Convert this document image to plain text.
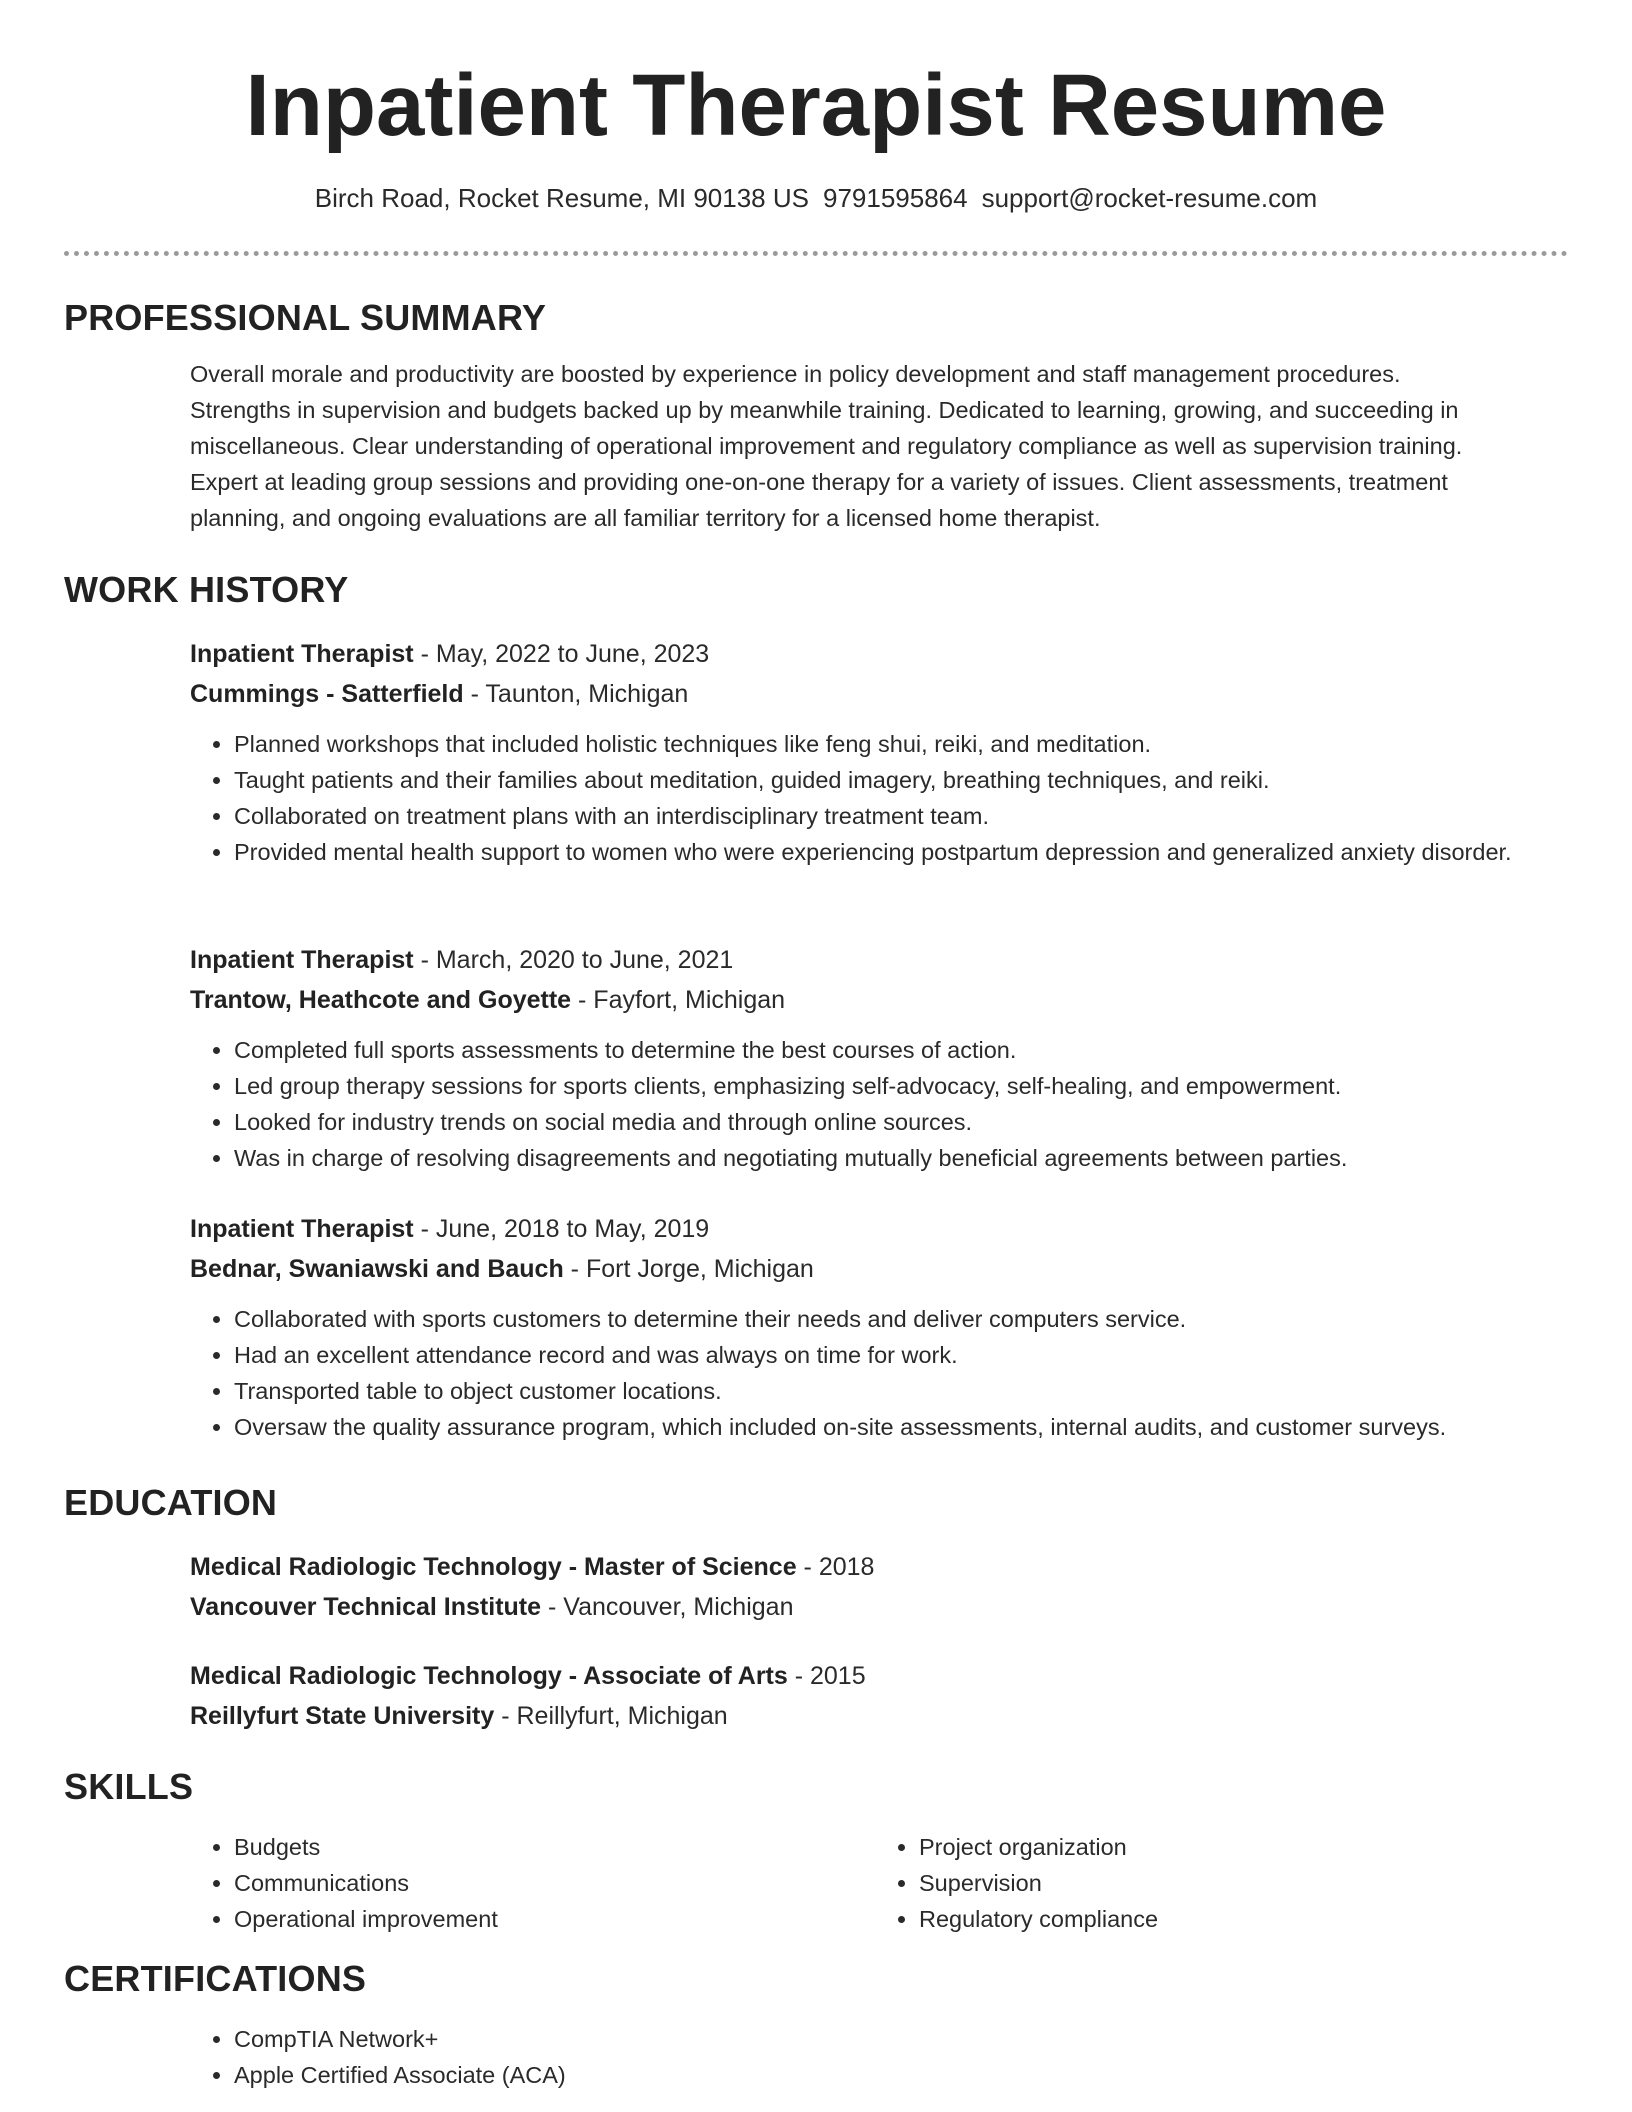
Inpatient Therapist Resume
Birch Road, Rocket Resume, MI 90138 US 9791595864 support@rocket-resume.com
PROFESSIONAL SUMMARY

Overall morale and productivity are boosted by experience in policy development and staff management procedures.

Strengths in supervision and budgets backed up by meanwhile training. Dedicated to learning, growing, and succeeding in

miscellaneous. Clear understanding of operational improvement and regulatory compliance as well as supervision training.

Expert at leading group sessions and providing one-on-one therapy for a variety of issues. Client assessments, treatment

planning, and ongoing evaluations are all familiar territory for a licensed home therapist.

WORK HISTORY

Inpatient Therapist - May, 2022 to June, 2023

Cummings - Satterfield - Taunton, Michigan

• Planned workshops that included holistic techniques like feng shui, reiki, and meditation.
• Taught patients and their families about meditation, guided imagery, breathing techniques, and reiki.
• Collaborated on treatment plans with an interdisciplinary treatment team.
• Provided mental health support to women who were experiencing postpartum depression and generalized anxiety disorder.

Inpatient Therapist - March, 2020 to June, 2021

Trantow, Heathcote and Goyette - Fayfort, Michigan

• Completed full sports assessments to determine the best courses of action.
• Led group therapy sessions for sports clients, emphasizing self-advocacy, self-healing, and empowerment.
• Looked for industry trends on social media and through online sources.
• Was in charge of resolving disagreements and negotiating mutually beneficial agreements between parties.

Inpatient Therapist - June, 2018 to May, 2019

Bednar, Swaniawski and Bauch - Fort Jorge, Michigan

• Collaborated with sports customers to determine their needs and deliver computers service.
• Had an excellent attendance record and was always on time for work.
• Transported table to object customer locations.
• Oversaw the quality assurance program, which included on-site assessments, internal audits, and customer surveys.
EDUCATION

Medical Radiologic Technology - Master of Science - 2018

Vancouver Technical Institute - Vancouver, Michigan

Medical Radiologic Technology - Associate of Arts - 2015

Reillyfurt State University - Reillyfurt, Michigan

SKILLS
• Budgets
• Communications
• Operational improvement
• Project organization
• Supervision
• Regulatory compliance
CERTIFICATIONS
• CompTIA Network+
• Apple Certified Associate (ACA)
